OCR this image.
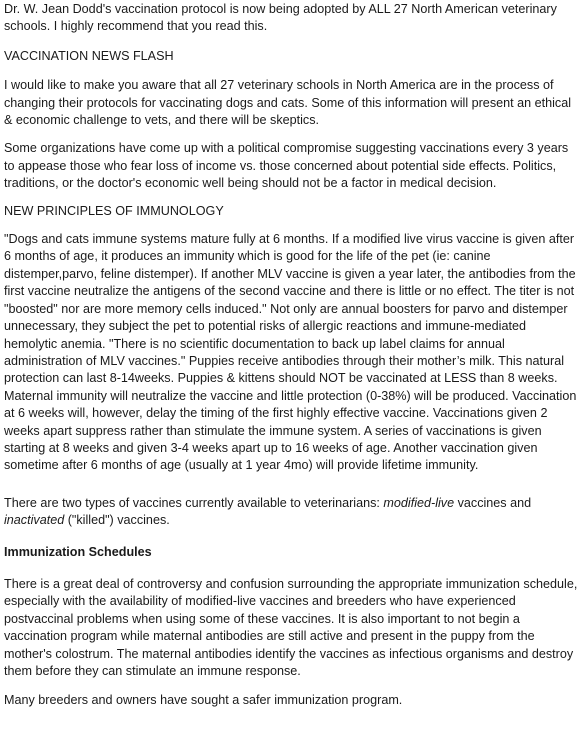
Dr. W. Jean Dodd's vaccination protocol is now being adopted by ALL 27 North American veterinary schools. I highly recommend that you read this.

VACCINATION NEWS FLASH

I would like to make you aware that all 27 veterinary schools in North America are in the process of changing their protocols for vaccinating dogs and cats. Some of this information will present an ethical & economic challenge to vets, and there will be skeptics.

Some organizations have come up with a political compromise suggesting vaccinations every 3 years to appease those who fear loss of income vs. those concerned about potential side effects. Politics, traditions, or the doctor's economic well being should not be a factor in medical decision.

NEW PRINCIPLES OF IMMUNOLOGY

"Dogs and cats immune systems mature fully at 6 months. If a modified live virus vaccine is given after 6 months of age, it produces an immunity which is good for the life of the pet (ie: canine distemper,parvo, feline distemper). If another MLV vaccine is given a year later, the antibodies from the first vaccine neutralize the antigens of the second vaccine and there is little or no effect. The titer is not "boosted" nor are more memory cells induced." Not only are annual boosters for parvo and distemper unnecessary, they subject the pet to potential risks of allergic reactions and immune-mediated hemolytic anemia. "There is no scientific documentation to back up label claims for annual administration of MLV vaccines." Puppies receive antibodies through their mother’s milk. This natural protection can last 8-14weeks. Puppies & kittens should NOT be vaccinated at LESS than 8 weeks. Maternal immunity will neutralize the vaccine and little protection (0-38%) will be produced. Vaccination at 6 weeks will, however, delay the timing of the first highly effective vaccine. Vaccinations given 2 weeks apart suppress rather than stimulate the immune system. A series of vaccinations is given starting at 8 weeks and given 3-4 weeks apart up to 16 weeks of age. Another vaccination given sometime after 6 months of age (usually at 1 year 4mo) will provide lifetime immunity.

There are two types of vaccines currently available to veterinarians: modified-live vaccines and inactivated ("killed") vaccines.

Immunization Schedules

There is a great deal of controversy and confusion surrounding the appropriate immunization schedule, especially with the availability of modified-live vaccines and breeders who have experienced postvaccinal problems when using some of these vaccines. It is also important to not begin a vaccination program while maternal antibodies are still active and present in the puppy from the mother's colostrum. The maternal antibodies identify the vaccines as infectious organisms and destroy them before they can stimulate an immune response.

Many breeders and owners have sought a safer immunization program.
